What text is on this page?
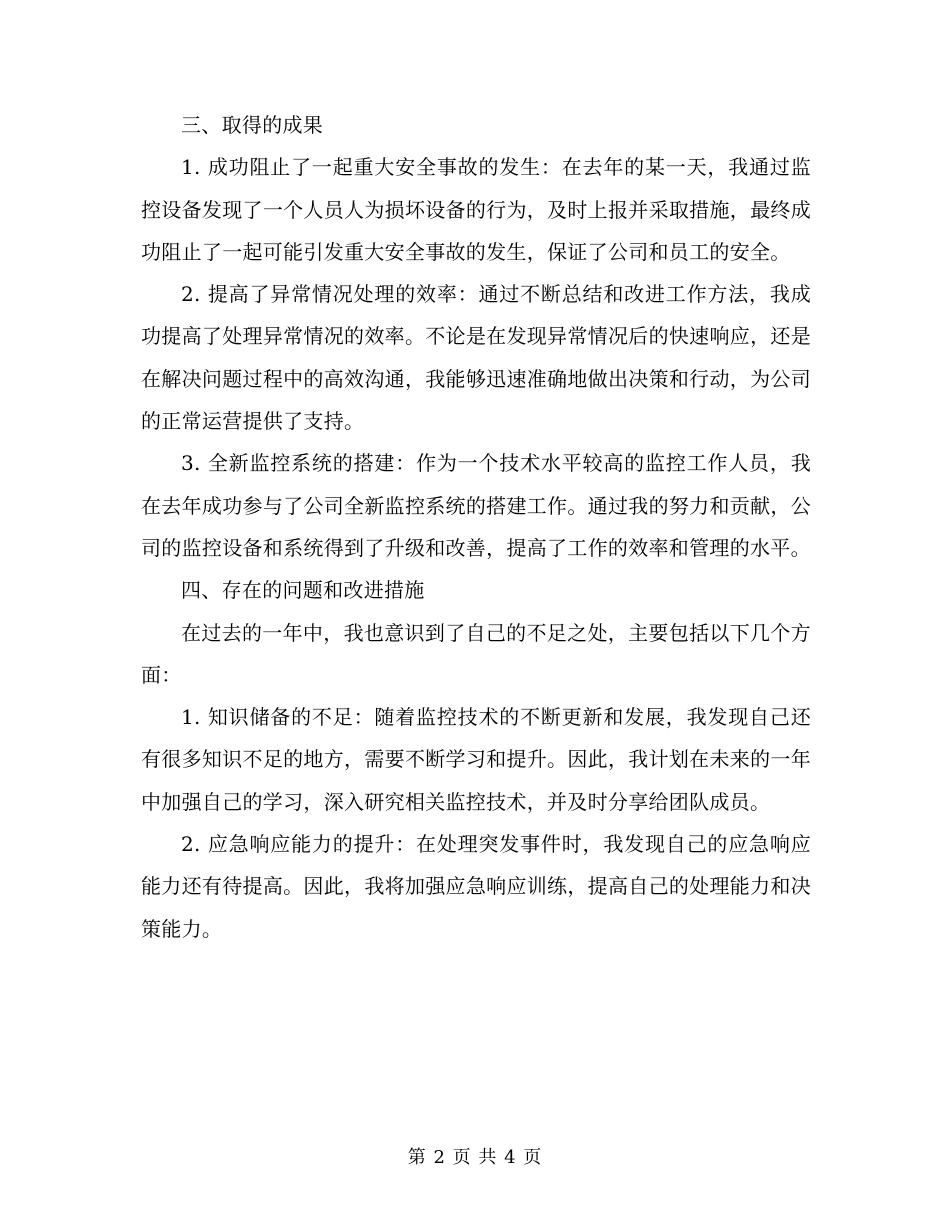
三、取得的成果

1. 成功阻止了一起重大安全事故的发生：在去年的某一天，我通过监控设备发现了一个人员人为损坏设备的行为，及时上报并采取措施，最终成功阻止了一起可能引发重大安全事故的发生，保证了公司和员工的安全。

2. 提高了异常情况处理的效率：通过不断总结和改进工作方法，我成功提高了处理异常情况的效率。不论是在发现异常情况后的快速响应，还是在解决问题过程中的高效沟通，我能够迅速准确地做出决策和行动，为公司的正常运营提供了支持。

3. 全新监控系统的搭建：作为一个技术水平较高的监控工作人员，我在去年成功参与了公司全新监控系统的搭建工作。通过我的努力和贡献，公司的监控设备和系统得到了升级和改善，提高了工作的效率和管理的水平。

四、存在的问题和改进措施

在过去的一年中，我也意识到了自己的不足之处，主要包括以下几个方面：

1. 知识储备的不足：随着监控技术的不断更新和发展，我发现自己还有很多知识不足的地方，需要不断学习和提升。因此，我计划在未来的一年中加强自己的学习，深入研究相关监控技术，并及时分享给团队成员。

2. 应急响应能力的提升：在处理突发事件时，我发现自己的应急响应能力还有待提高。因此，我将加强应急响应训练，提高自己的处理能力和决策能力。

第 2 页 共 4 页
